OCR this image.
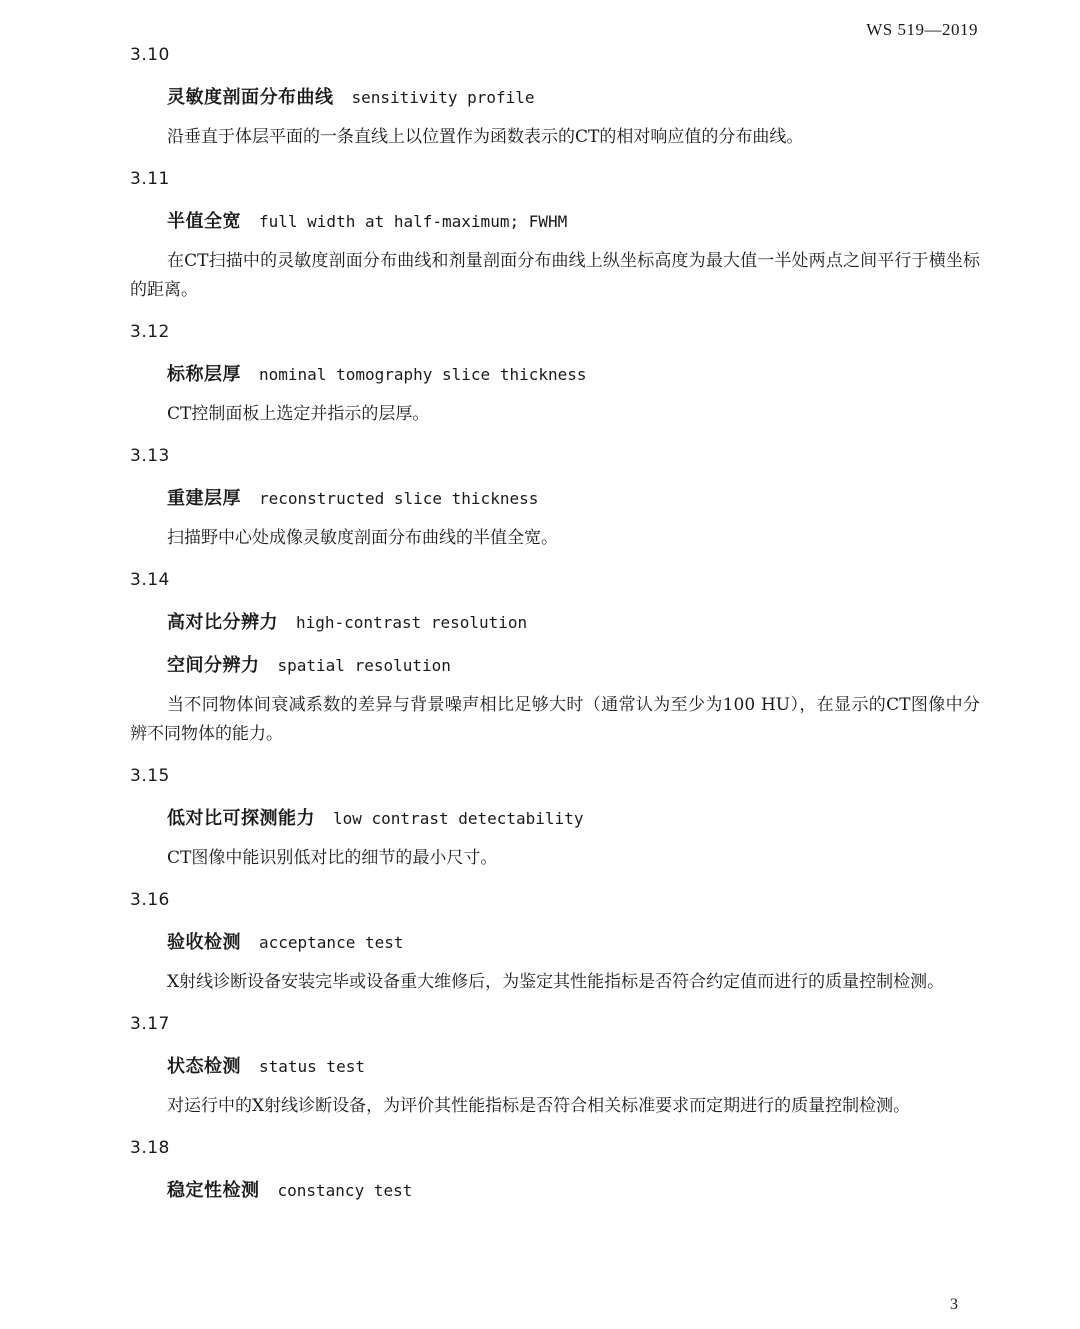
WS 519—2019

3.10

灵敏度剖面分布曲线 sensitivity profile

沿垂直于体层平面的一条直线上以位置作为函数表示的CT的相对响应值的分布曲线。

3.11

半值全宽 full width at half-maximum; FWHM

在CT扫描中的灵敏度剖面分布曲线和剂量剖面分布曲线上纵坐标高度为最大值一半处两点之间平行于横坐标的距离。

3.12

标称层厚 nominal tomography slice thickness

CT控制面板上选定并指示的层厚。

3.13

重建层厚 reconstructed slice thickness

扫描野中心处成像灵敏度剖面分布曲线的半值全宽。

3.14

高对比分辨力 high-contrast resolution
空间分辨力 spatial resolution

当不同物体间衰减系数的差异与背景噪声相比足够大时（通常认为至少为100 HU），在显示的CT图像中分辨不同物体的能力。

3.15

低对比可探测能力 low contrast detectability

CT图像中能识别低对比的细节的最小尺寸。

3.16

验收检测 acceptance test

X射线诊断设备安装完毕或设备重大维修后，为鉴定其性能指标是否符合约定值而进行的质量控制检测。

3.17

状态检测 status test

对运行中的X射线诊断设备，为评价其性能指标是否符合相关标准要求而定期进行的质量控制检测。

3.18

稳定性检测 constancy test
3
